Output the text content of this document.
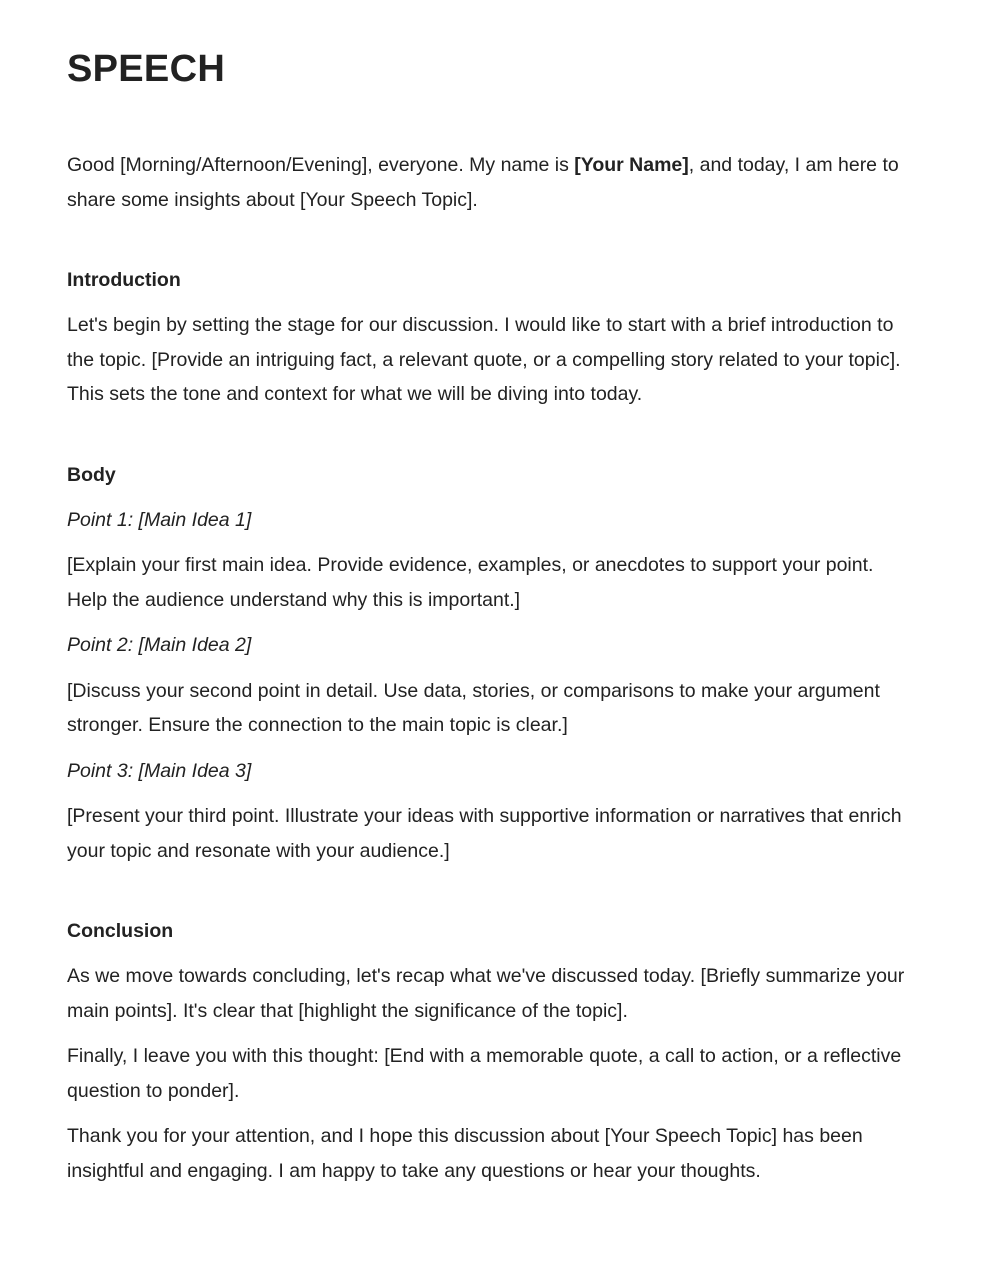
SPEECH

Good [Morning/Afternoon/Evening], everyone. My name is [Your Name], and today, I am here to share some insights about [Your Speech Topic].

Introduction

Let's begin by setting the stage for our discussion. I would like to start with a brief introduction to the topic. [Provide an intriguing fact, a relevant quote, or a compelling story related to your topic]. This sets the tone and context for what we will be diving into today.

Body

Point 1: [Main Idea 1]

[Explain your first main idea. Provide evidence, examples, or anecdotes to support your point. Help the audience understand why this is important.]

Point 2: [Main Idea 2]

[Discuss your second point in detail. Use data, stories, or comparisons to make your argument stronger. Ensure the connection to the main topic is clear.]

Point 3: [Main Idea 3]

[Present your third point. Illustrate your ideas with supportive information or narratives that enrich your topic and resonate with your audience.]

Conclusion

As we move towards concluding, let's recap what we've discussed today. [Briefly summarize your main points]. It's clear that [highlight the significance of the topic].

Finally, I leave you with this thought: [End with a memorable quote, a call to action, or a reflective question to ponder].

Thank you for your attention, and I hope this discussion about [Your Speech Topic] has been insightful and engaging. I am happy to take any questions or hear your thoughts.
